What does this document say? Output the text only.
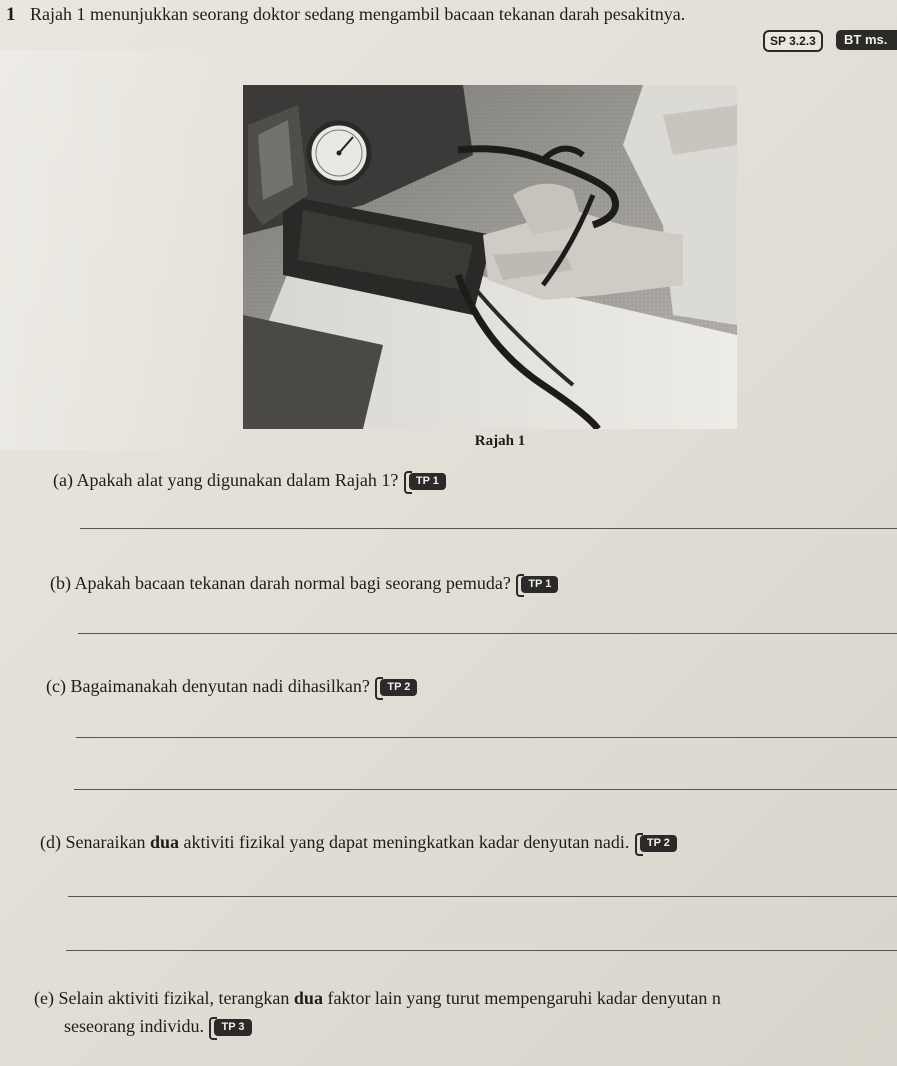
1 Rajah 1 menunjukkan seorang doktor sedang mengambil bacaan tekanan darah pesakitnya.
SP 3.2.3	BT ms.
Rajah 1
(a) Apakah alat yang digunakan dalam Rajah 1? TP 1
(b) Apakah bacaan tekanan darah normal bagi seorang pemuda? TP 1
(c) Bagaimanakah denyutan nadi dihasilkan? TP 2
(d) Senaraikan dua aktiviti fizikal yang dapat meningkatkan kadar denyutan nadi. TP 2
(e) Selain aktiviti fizikal, terangkan dua faktor lain yang turut mempengaruhi kadar denyutan n
seseorang individu. TP 3
